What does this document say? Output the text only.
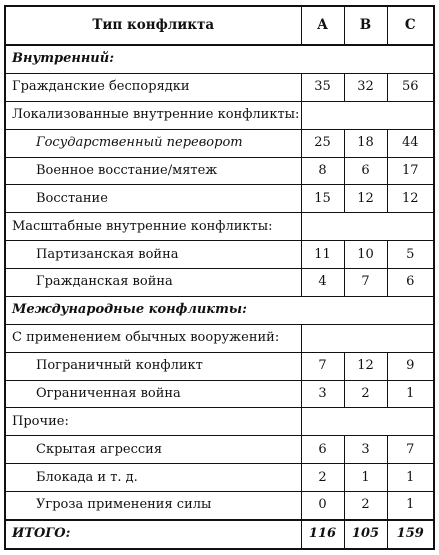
Тип конфликта	A	B	C
Внутренний:			
Гражданские беспорядки	35	32	56
Локализованные внутренние конфликты:			
Государственный переворот	25	18	44
Военное восстание/мятеж	8	6	17
Восстание	15	12	12
Масштабные внутренние конфликты:			
Партизанская война	11	10	5
Гражданская война	4	7	6
Международные конфликты:			
С применением обычных вооружений:			
Пограничный конфликт	7	12	9
Ограниченная война	3	2	1
Прочие:			
Скрытая агрессия	6	3	7
Блокада и т. д.	2	1	1
Угроза применения силы	0	2	1
ИТОГО:	116	105	159
